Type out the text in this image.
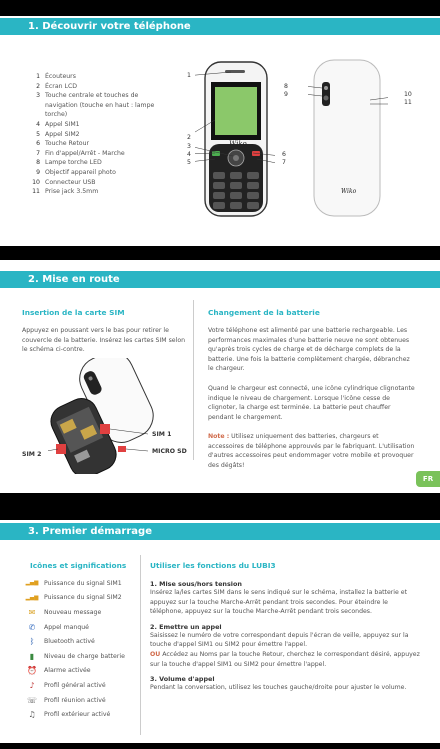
1. Découvrir votre téléphone
1 Écouteurs
2 Écran LCD
3 Touche centrale et touches de navigation (touche en haut : lampe torche)
4 Appel SIM1
5 Appel SIM2
6 Touche Retour
7 Fin d'appel/Arrêt - Marche
8 Lampe torche LED
9 Objectif appareil photo
10 Connecteur USB
11 Prise jack 3.5mm
Wiko
Wiko
1
2
3
4
5
6
7
8
9	10
11
2. Mise en route
Insertion de la carte SIM
Appuyez en poussant vers le bas pour retirer le couvercle de la batterie. Insérez les cartes SIM selon le schéma ci-contre.
SIM 2
SIM 1
MICRO SD
Changement de la batterie
Votre téléphone est alimenté par une batterie rechargeable. Les performances maximales d'une batterie neuve ne sont obtenues qu'après trois cycles de charge et de décharge complets de la batterie. Une fois la batterie complètement chargée, débranchez le chargeur.
Quand le chargeur est connecté, une icône cylindrique clignotante indique le niveau de chargement. Lorsque l'icône cesse de clignoter, la charge est terminée. La batterie peut chauffer pendant le chargement.
Note : Utilisez uniquement des batteries, chargeurs et accessoires de téléphone approuvés par le fabriquant. L'utilisation d'autres accessoires peut endommager votre mobile et provoquer des dégâts!
FR
3. Premier démarrage
Icônes et significations
▂▄▆ Puissance du signal SIM1
▂▄▆ Puissance du signal SIM2
✉	Nouveau message
✆	Appel manqué
ᛒ	Bluetooth activé
▮	Niveau de charge batterie
⏰ Alarme activée
♪	Profil général activé
☏ Profil réunion activé
♫	Profil extérieur activé
Utiliser les fonctions du LUBI3
1. Mise sous/hors tension
Insérez la/les cartes SIM dans le sens indiqué sur le schéma, installez la batterie et appuyez sur la touche Marche-Arrêt pendant trois secondes. Pour éteindre le téléphone, appuyez sur la touche Marche-Arrêt pendant trois secondes.
2. Emettre un appel
Saisissez le numéro de votre correspondant depuis l'écran de veille, appuyez sur la touche d'appel SIM1 ou SIM2 pour émettre l'appel.
OU Accédez au Noms par la touche Retour, cherchez le correspondant désiré, appuyez sur la touche d'appel SIM1 ou SIM2 pour émettre l'appel.
3. Volume d'appel
Pendant la conversation, utilisez les touches gauche/droite pour ajuster le volume.
